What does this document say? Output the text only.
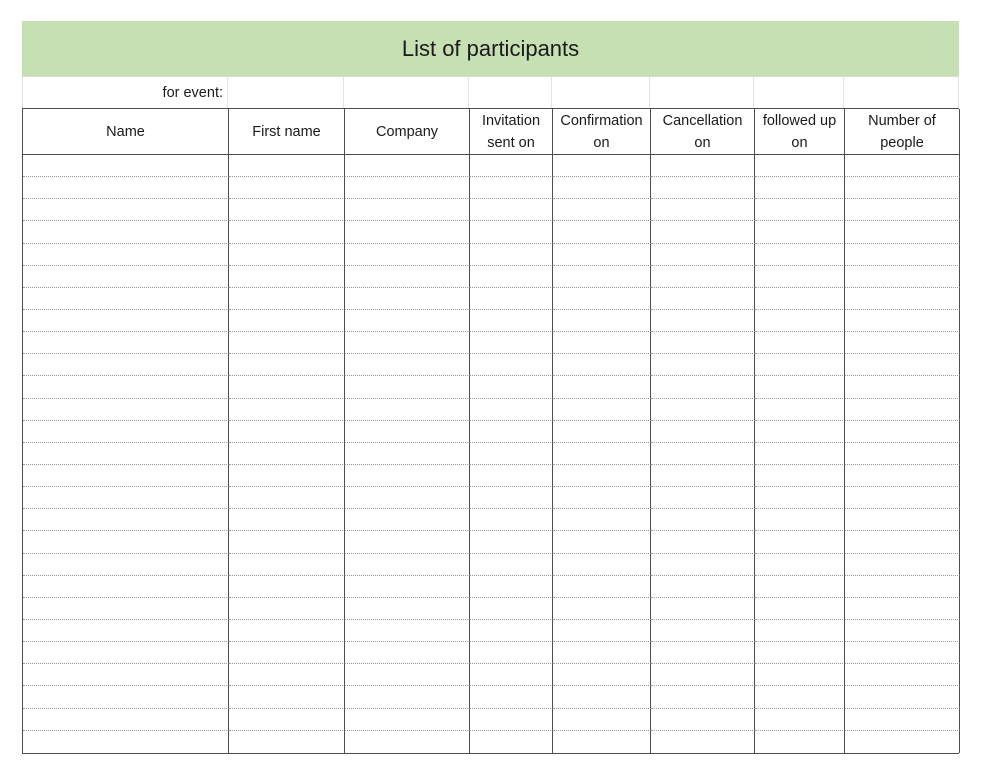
List of participants
for event:
Name	First name	Company
Invitation
sent on
Confirmation
on
Cancellation
on
followed up
on
Number of
people
